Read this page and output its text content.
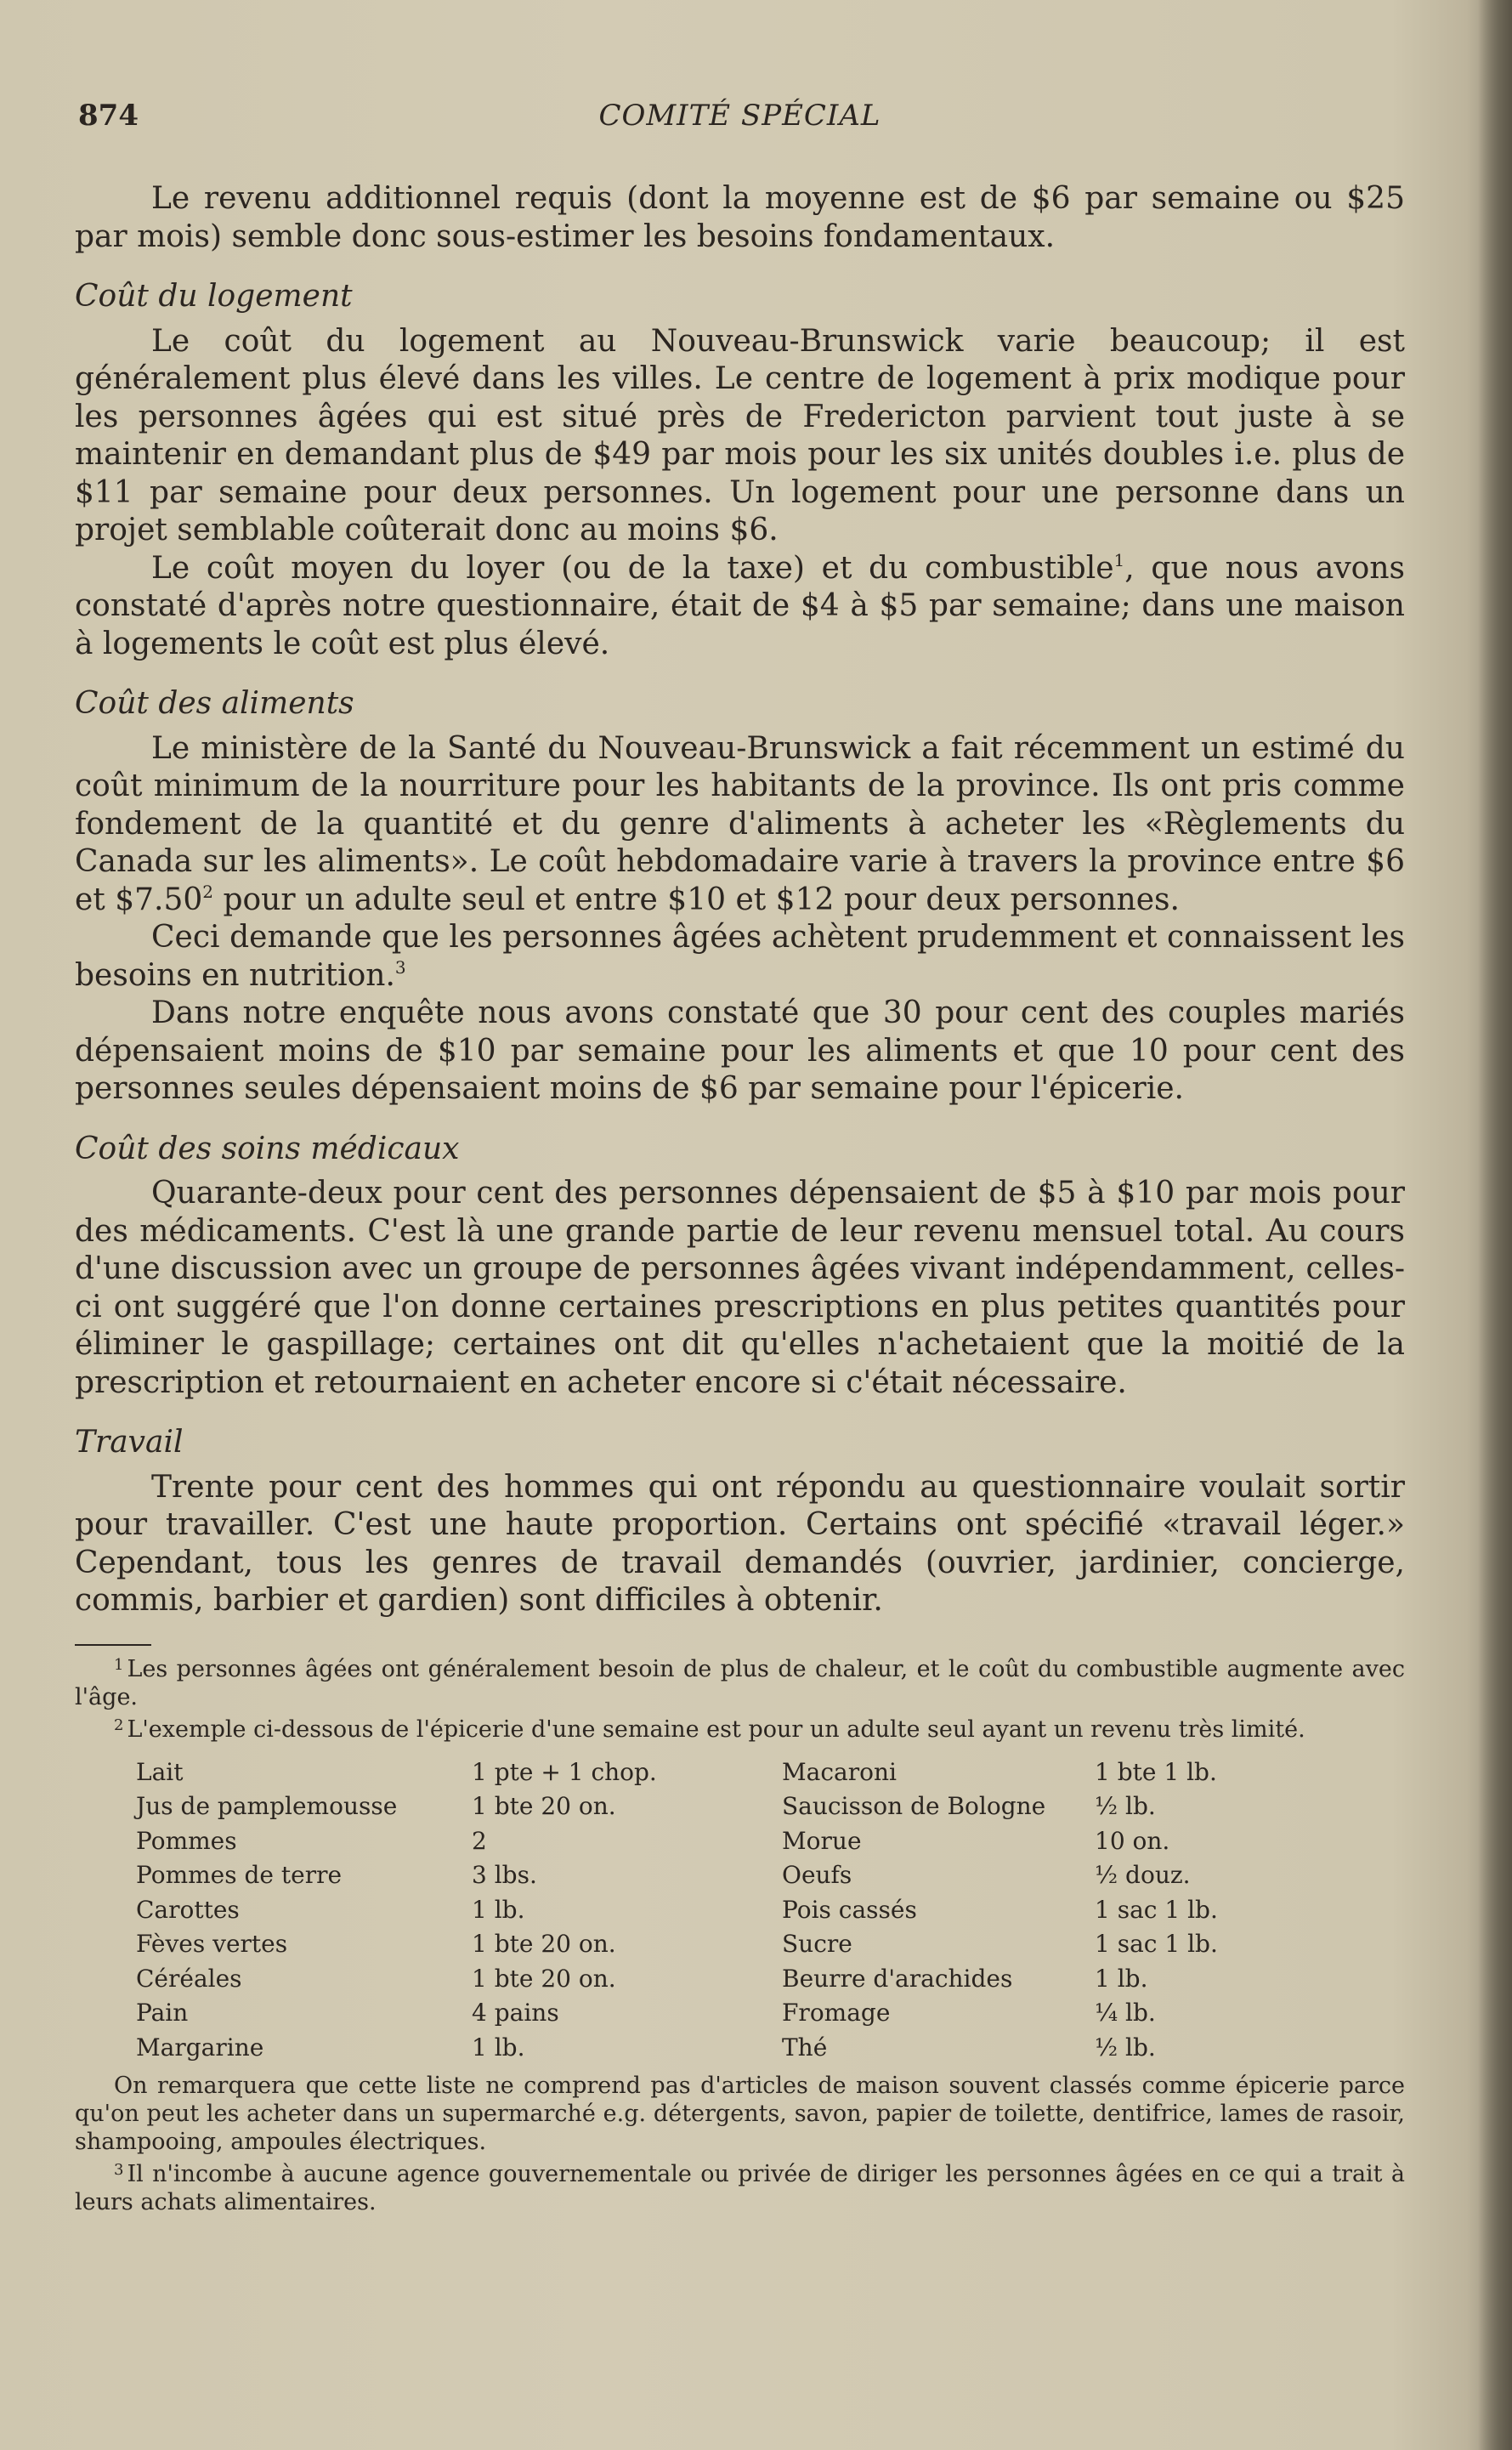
874	COMITÉ SPÉCIAL

Le revenu additionnel requis (dont la moyenne est de $6 par semaine ou $25 par mois) semble donc sous-estimer les besoins fondamentaux.

Coût du logement

Le coût du logement au Nouveau-Brunswick varie beaucoup; il est généralement plus élevé dans les villes. Le centre de logement à prix modique pour les personnes âgées qui est situé près de Fredericton parvient tout juste à se maintenir en demandant plus de $49 par mois pour les six unités doubles i.e. plus de $11 par semaine pour deux personnes. Un logement pour une personne dans un projet semblable coûterait donc au moins $6.

Le coût moyen du loyer (ou de la taxe) et du combustible$^1$, que nous avons constaté d'après notre questionnaire, était de $4 à $5 par semaine; dans une maison à logements le coût est plus élevé.

Coût des aliments

Le ministère de la Santé du Nouveau-Brunswick a fait récemment un estimé du coût minimum de la nourriture pour les habitants de la province. Ils ont pris comme fondement de la quantité et du genre d'aliments à acheter les «Règlements du Canada sur les aliments». Le coût hebdomadaire varie à travers la province entre $6 et $7.50$^2$ pour un adulte seul et entre $10 et $12 pour deux personnes.

Ceci demande que les personnes âgées achètent prudemment et connaissent les besoins en nutrition.$^3$

Dans notre enquête nous avons constaté que 30 pour cent des couples mariés dépensaient moins de $10 par semaine pour les aliments et que 10 pour cent des personnes seules dépensaient moins de $6 par semaine pour l'épicerie.

Coût des soins médicaux

Quarante-deux pour cent des personnes dépensaient de $5 à $10 par mois pour des médicaments. C'est là une grande partie de leur revenu mensuel total. Au cours d'une discussion avec un groupe de personnes âgées vivant indépendamment, celles-ci ont suggéré que l'on donne certaines prescriptions en plus petites quantités pour éliminer le gaspillage; certaines ont dit qu'elles n'achetaient que la moitié de la prescription et retournaient en acheter encore si c'était nécessaire.

Travail

Trente pour cent des hommes qui ont répondu au questionnaire voulait sortir pour travailler. C'est une haute proportion. Certains ont spécifié «travail léger.» Cependant, tous les genres de travail demandés (ouvrier, jardinier, concierge, commis, barbier et gardien) sont difficiles à obtenir.

$^1$ Les personnes âgées ont généralement besoin de plus de chaleur, et le coût du combustible augmente avec l'âge.

$^2$ L'exemple ci-dessous de l'épicerie d'une semaine est pour un adulte seul ayant un revenu très limité.

Lait	1 pte + 1 chop.	Macaroni	1 bte 1 lb.
Jus de pamplemousse	1 bte 20 on.	Saucisson de Bologne	½ lb.
Pommes	2	Morue	10 on.
Pommes de terre	3 lbs.	Oeufs	½ douz.
Carottes	1 lb.	Pois cassés	1 sac 1 lb.
Fèves vertes	1 bte 20 on.	Sucre	1 sac 1 lb.
Céréales	1 bte 20 on.	Beurre d'arachides	1 lb.
Pain	4 pains	Fromage	¼ lb.
Margarine	1 lb.	Thé	½ lb.

On remarquera que cette liste ne comprend pas d'articles de maison souvent classés comme épicerie parce qu'on peut les acheter dans un supermarché e.g. détergents, savon, papier de toilette, dentifrice, lames de rasoir, shampooing, ampoules électriques.

$^3$ Il n'incombe à aucune agence gouvernementale ou privée de diriger les personnes âgées en ce qui a trait à leurs achats alimentaires.
